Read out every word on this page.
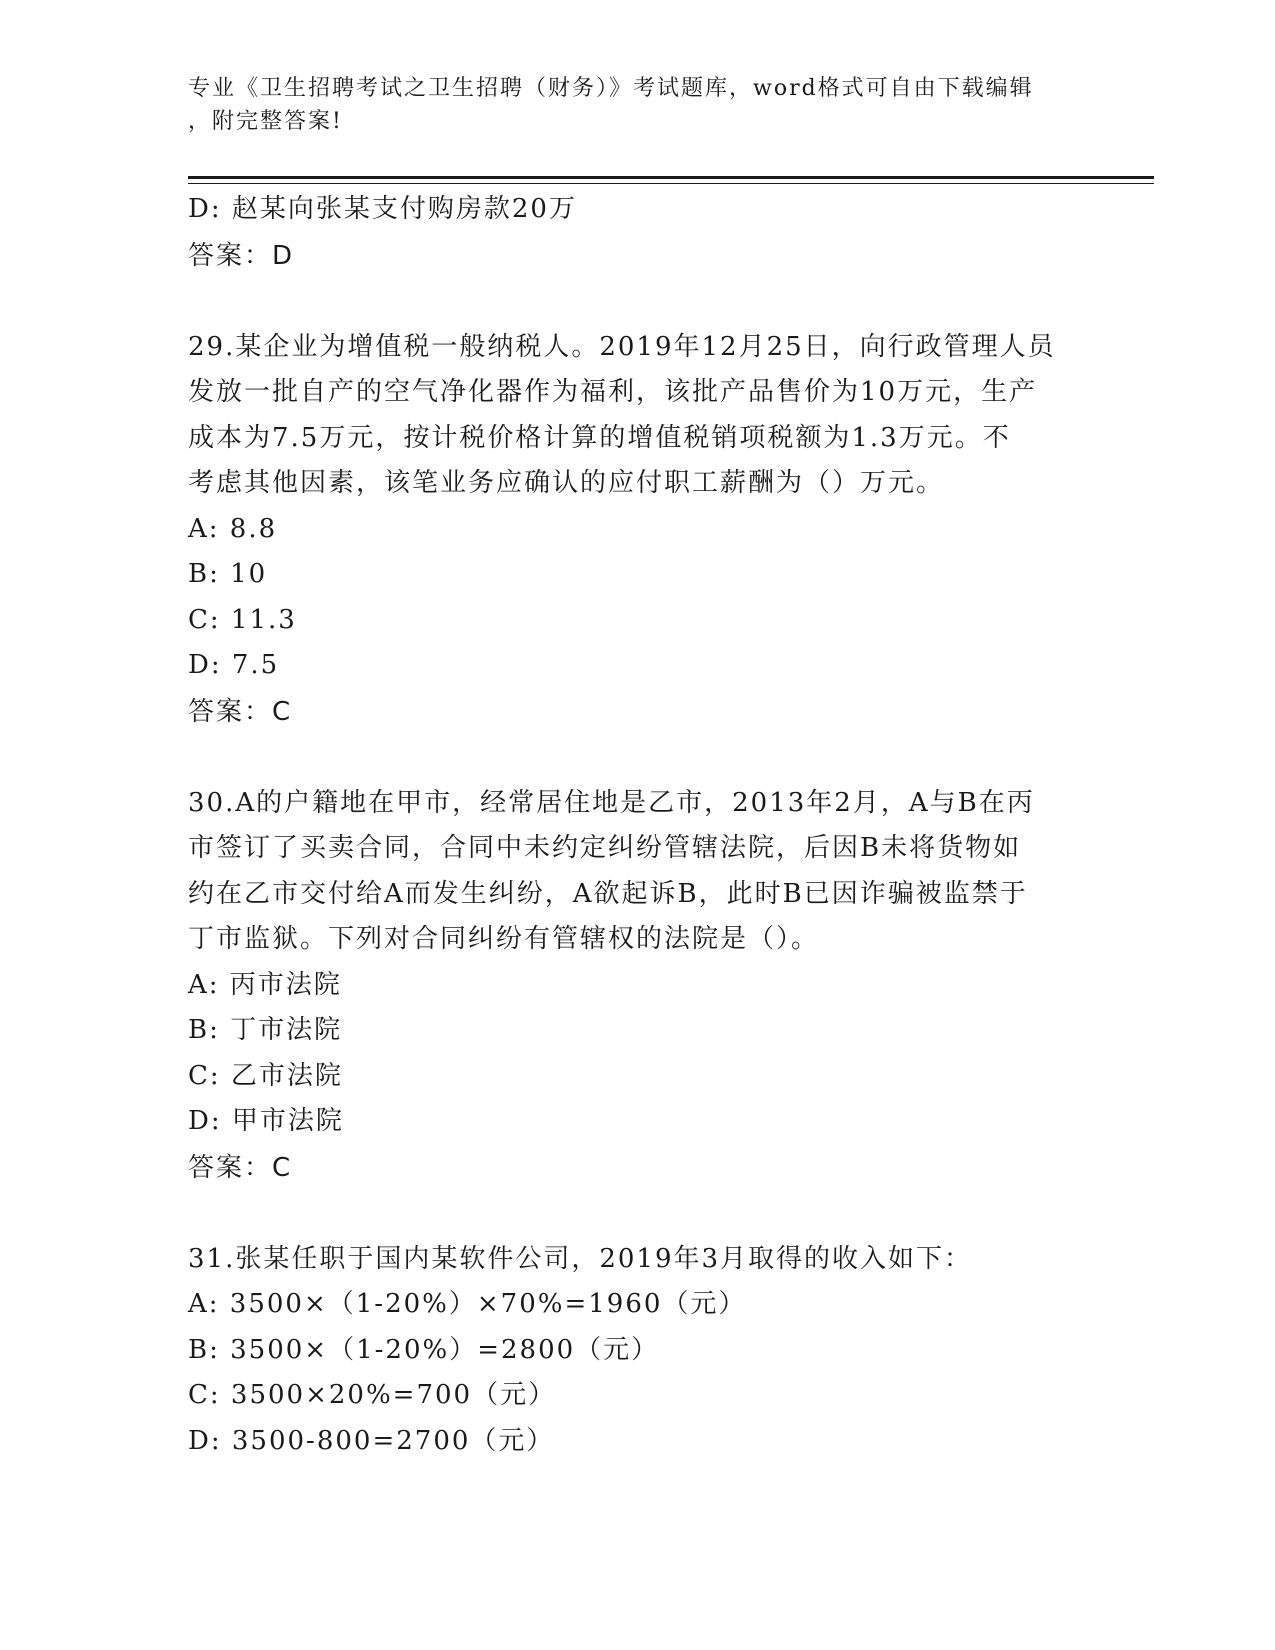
专业《卫生招聘考试之卫生招聘（财务）》考试题库，word格式可自由下载编辑
，附完整答案!
D: 赵某向张某支付购房款20万
答案：D
29.某企业为增值税一般纳税人。2019年12月25日，向行政管理人员
发放一批自产的空气净化器作为福利，该批产品售价为10万元，生产
成本为7.5万元，按计税价格计算的增值税销项税额为1.3万元。不
考虑其他因素，该笔业务应确认的应付职工薪酬为（）万元。
A: 8.8
B: 10
C: 11.3
D: 7.5
答案：C
30.A的户籍地在甲市，经常居住地是乙市，2013年2月，A与B在丙
市签订了买卖合同，合同中未约定纠纷管辖法院，后因B未将货物如
约在乙市交付给A而发生纠纷，A欲起诉B，此时B已因诈骗被监禁于
丁市监狱。下列对合同纠纷有管辖权的法院是（）。
A: 丙市法院
B: 丁市法院
C: 乙市法院
D: 甲市法院
答案：C
31.张某任职于国内某软件公司，2019年3月取得的收入如下：
A: 3500×（1-20%）×70%=1960（元）
B: 3500×（1-20%）=2800（元）
C: 3500×20%=700（元）
D: 3500-800=2700（元）
